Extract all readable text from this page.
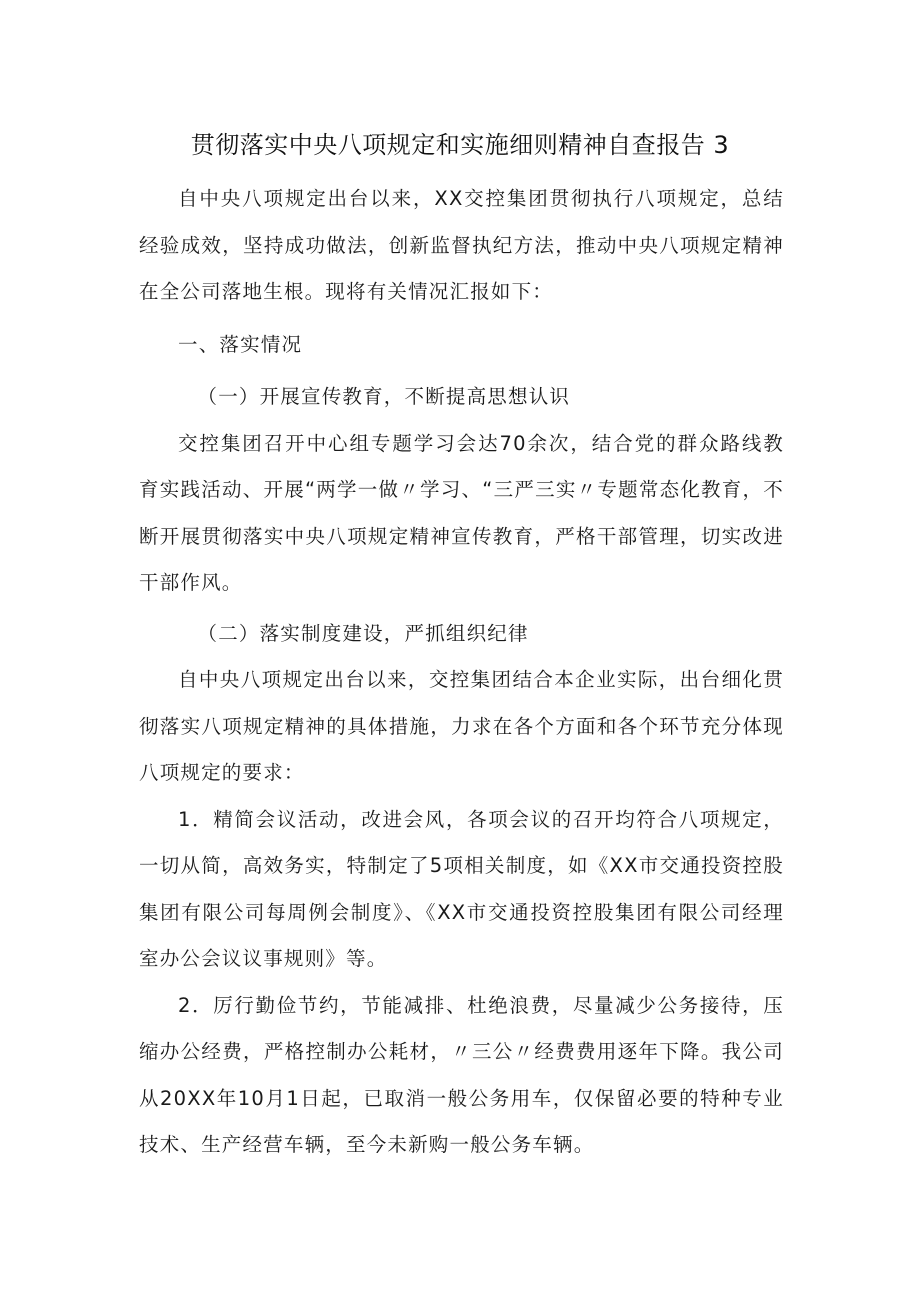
贯彻落实中央八项规定和实施细则精神自查报告 3

自中央八项规定出台以来，XX交控集团贯彻执行八项规定，总结经验成效，坚持成功做法，创新监督执纪方法，推动中央八项规定精神在全公司落地生根。现将有关情况汇报如下：

一、落实情况

（一）开展宣传教育，不断提高思想认识

交控集团召开中心组专题学习会达70余次，结合党的群众路线教育实践活动、开展“两学一做〃学习、“三严三实〃专题常态化教育，不断开展贯彻落实中央八项规定精神宣传教育，严格干部管理，切实改进干部作风。

（二）落实制度建设，严抓组织纪律

自中央八项规定出台以来，交控集团结合本企业实际，出台细化贯彻落实八项规定精神的具体措施，力求在各个方面和各个环节充分体现八项规定的要求：

1．精简会议活动，改进会风，各项会议的召开均符合八项规定，一切从简，高效务实，特制定了5项相关制度，如《XX市交通投资控股集团有限公司每周例会制度》、《XX市交通投资控股集团有限公司经理室办公会议议事规则》等。

2．厉行勤俭节约，节能减排、杜绝浪费，尽量减少公务接待，压缩办公经费，严格控制办公耗材，〃三公〃经费费用逐年下降。我公司从20XX年10月1日起，已取消一般公务用车，仅保留必要的特种专业技术、生产经营车辆，至今未新购一般公务车辆。
